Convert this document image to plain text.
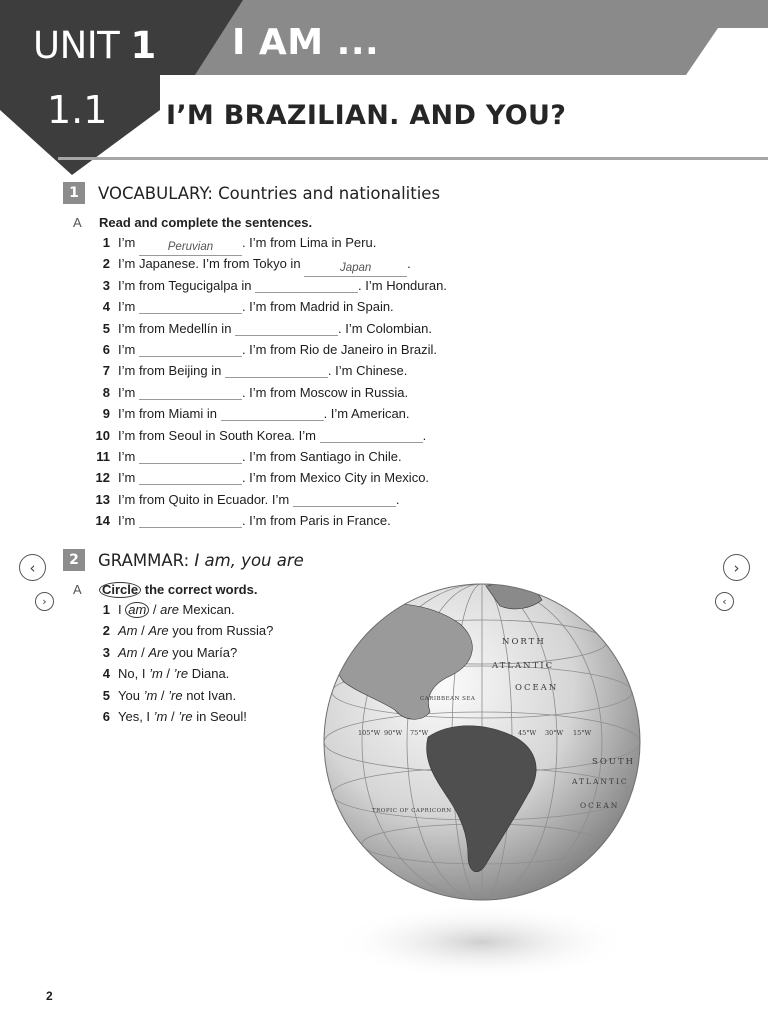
UNIT 1 I AM ...
1.1 I’M BRAZILIAN. AND YOU?
1	VOCABULARY: Countries and nationalities
A Read and complete the sentences.
1 I’m	Peruvian . I’m from Lima in Peru.
2 I’m Japanese. I’m from Tokyo in	Japan	.
3 I’m from Tegucigalpa in	. I’m Honduran.
4 I’m	. I’m from Madrid in Spain.
5 I’m from Medellín in	. I’m Colombian.
6 I’m	. I’m from Rio de Janeiro in Brazil.
7 I’m from Beijing in	. I’m Chinese.
8 I’m	. I’m from Moscow in Russia.
9 I’m from Miami in	. I’m American.
10 I’m from Seoul in South Korea. I’m	.
11 I’m	. I’m from Santiago in Chile.
12 I’m	. I’m from Mexico City in Mexico.
13 I’m from Quito in Ecuador. I’m	.
14 I’m	. I’m from Paris in France.
2	GRAMMAR: I am, you are
A Circle the correct words.
1 I am / are Mexican.
2 Am / Are you from Russia?
3 Am / Are you María?
4 No, I ’m / ’re Diana.
5 You ’m / ’re not Ivan.
6 Yes, I ’m / ’re in Seoul!
‹
›
›
‹
NORTH
ATLANTIC
OCEAN
SOUTH
ATLANTIC
OCEAN
CARIBBEAN SEA
TROPIC OF CAPRICORN
45°W 30°W 15°W
105°W 90°W 75°W
2
